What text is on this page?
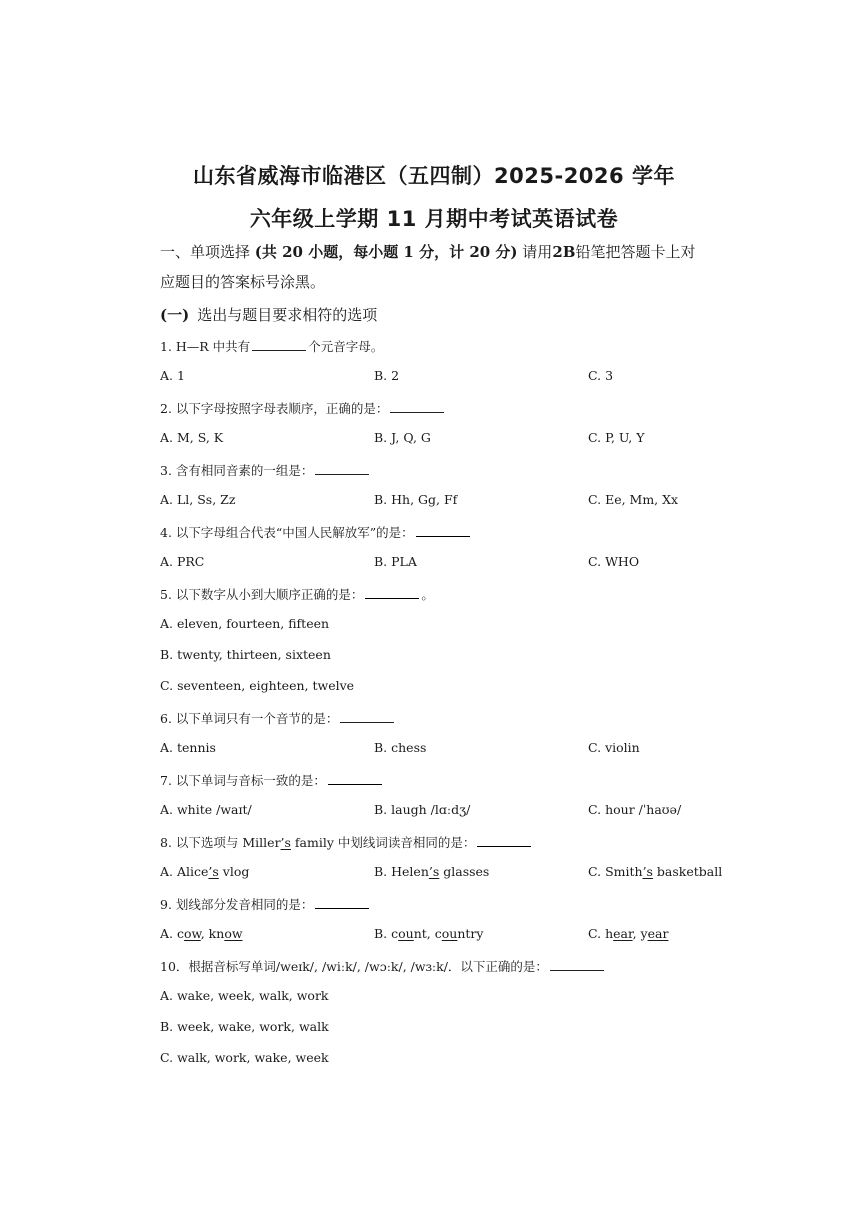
山东省威海市临港区（五四制）2025-2026 学年
六年级上学期 11 月期中考试英语试卷
一、单项选择 (共 20 小题，每小题 1 分，计 20 分) 请用2B铅笔把答题卡上对
应题目的答案标号涂黑。
(一) 选出与题目要求相符的选项
1. H—R 中共有	个元音字母。
A. 1	B. 2	C. 3
2. 以下字母按照字母表顺序，正确的是：
A. M, S, K	B. J, Q, G	C. P, U, Y
3. 含有相同音素的一组是：
A. Ll, Ss, Zz	B. Hh, Gg, Ff	C. Ee, Mm, Xx
4. 以下字母组合代表“中国人民解放军”的是：
A. PRC	B. PLA	C. WHO
5. 以下数字从小到大顺序正确的是：	。
A. eleven, fourteen, fifteen
B. twenty, thirteen, sixteen
C. seventeen, eighteen, twelve
6. 以下单词只有一个音节的是：
A. tennis	B. chess	C. violin
7. 以下单词与音标一致的是：
A. white /waɪt/	B. laugh /lɑːdʒ/	C. hour /ˈhaʊə/
8. 以下选项与 Miller’s family 中划线词读音相同的是：
A. Alice’s vlog	B. Helen’s glasses	C. Smith’s basketball
9. 划线部分发音相同的是：
A. cow, know	B. count, country	C. hear, year
10．根据音标写单词/weɪk/, /wiːk/, /wɔːk/, /wɜːk/．以下正确的是：
A. wake, week, walk, work
B. week, wake, work, walk
C. walk, work, wake, week
